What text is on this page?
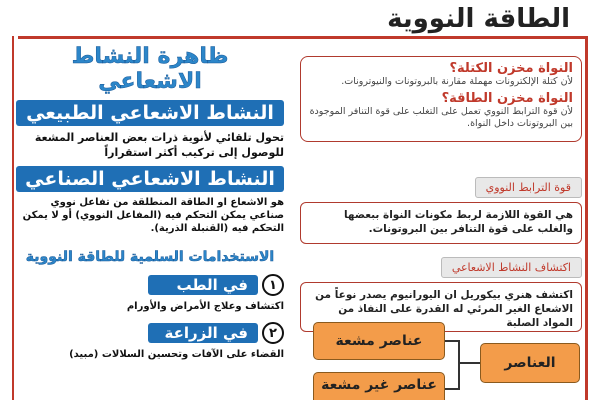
الطاقة النووية
النواة مخزن الكتلة؟
لأن كتلة الإلكترونات مهملة مقارنة بالبروتونات والنيوترونات.
النواة مخزن الطاقة؟
لأن قوة الترابط النووي تعمل على التغلب على قوة التنافر الموجودة بين البروتونات داخل النواة.
قوة الترابط النووي
هي القوة اللازمة لربط مكونات النواة ببعضها والغلب على قوة التنافر بين البروتونات.
اكتشاف النشاط الاشعاعي
اكتشف هنري بيكوريل ان اليورانيوم يصدر نوعاً من الاشعاع الغير المرئي له القدرة على النفاذ من المواد الصلبة
العناصر
عناصر مشعة
عناصر غير مشعة
ظاهرة النشاط الاشعاعي
النشاط الاشعاعي الطبيعي
تحول تلقائي لأنوية ذرات بعض العناصر المشعة للوصول إلى تركيب أكثر استقراراً
النشاط الاشعاعي الصناعي
هو الاشعاع او الطاقة المنطلقة من تفاعل نووي صناعي يمكن التحكم فيه (المفاعل النووي) أو لا يمكن التحكم فيه (القنبلة الذرية).
الاستخدامات السلمية للطاقة النووية
١
في الطب
اكتشاف وعلاج الأمراض والأورام
٢
في الزراعة
القضاء على الآفات وتحسين السلالات (مبيد)
